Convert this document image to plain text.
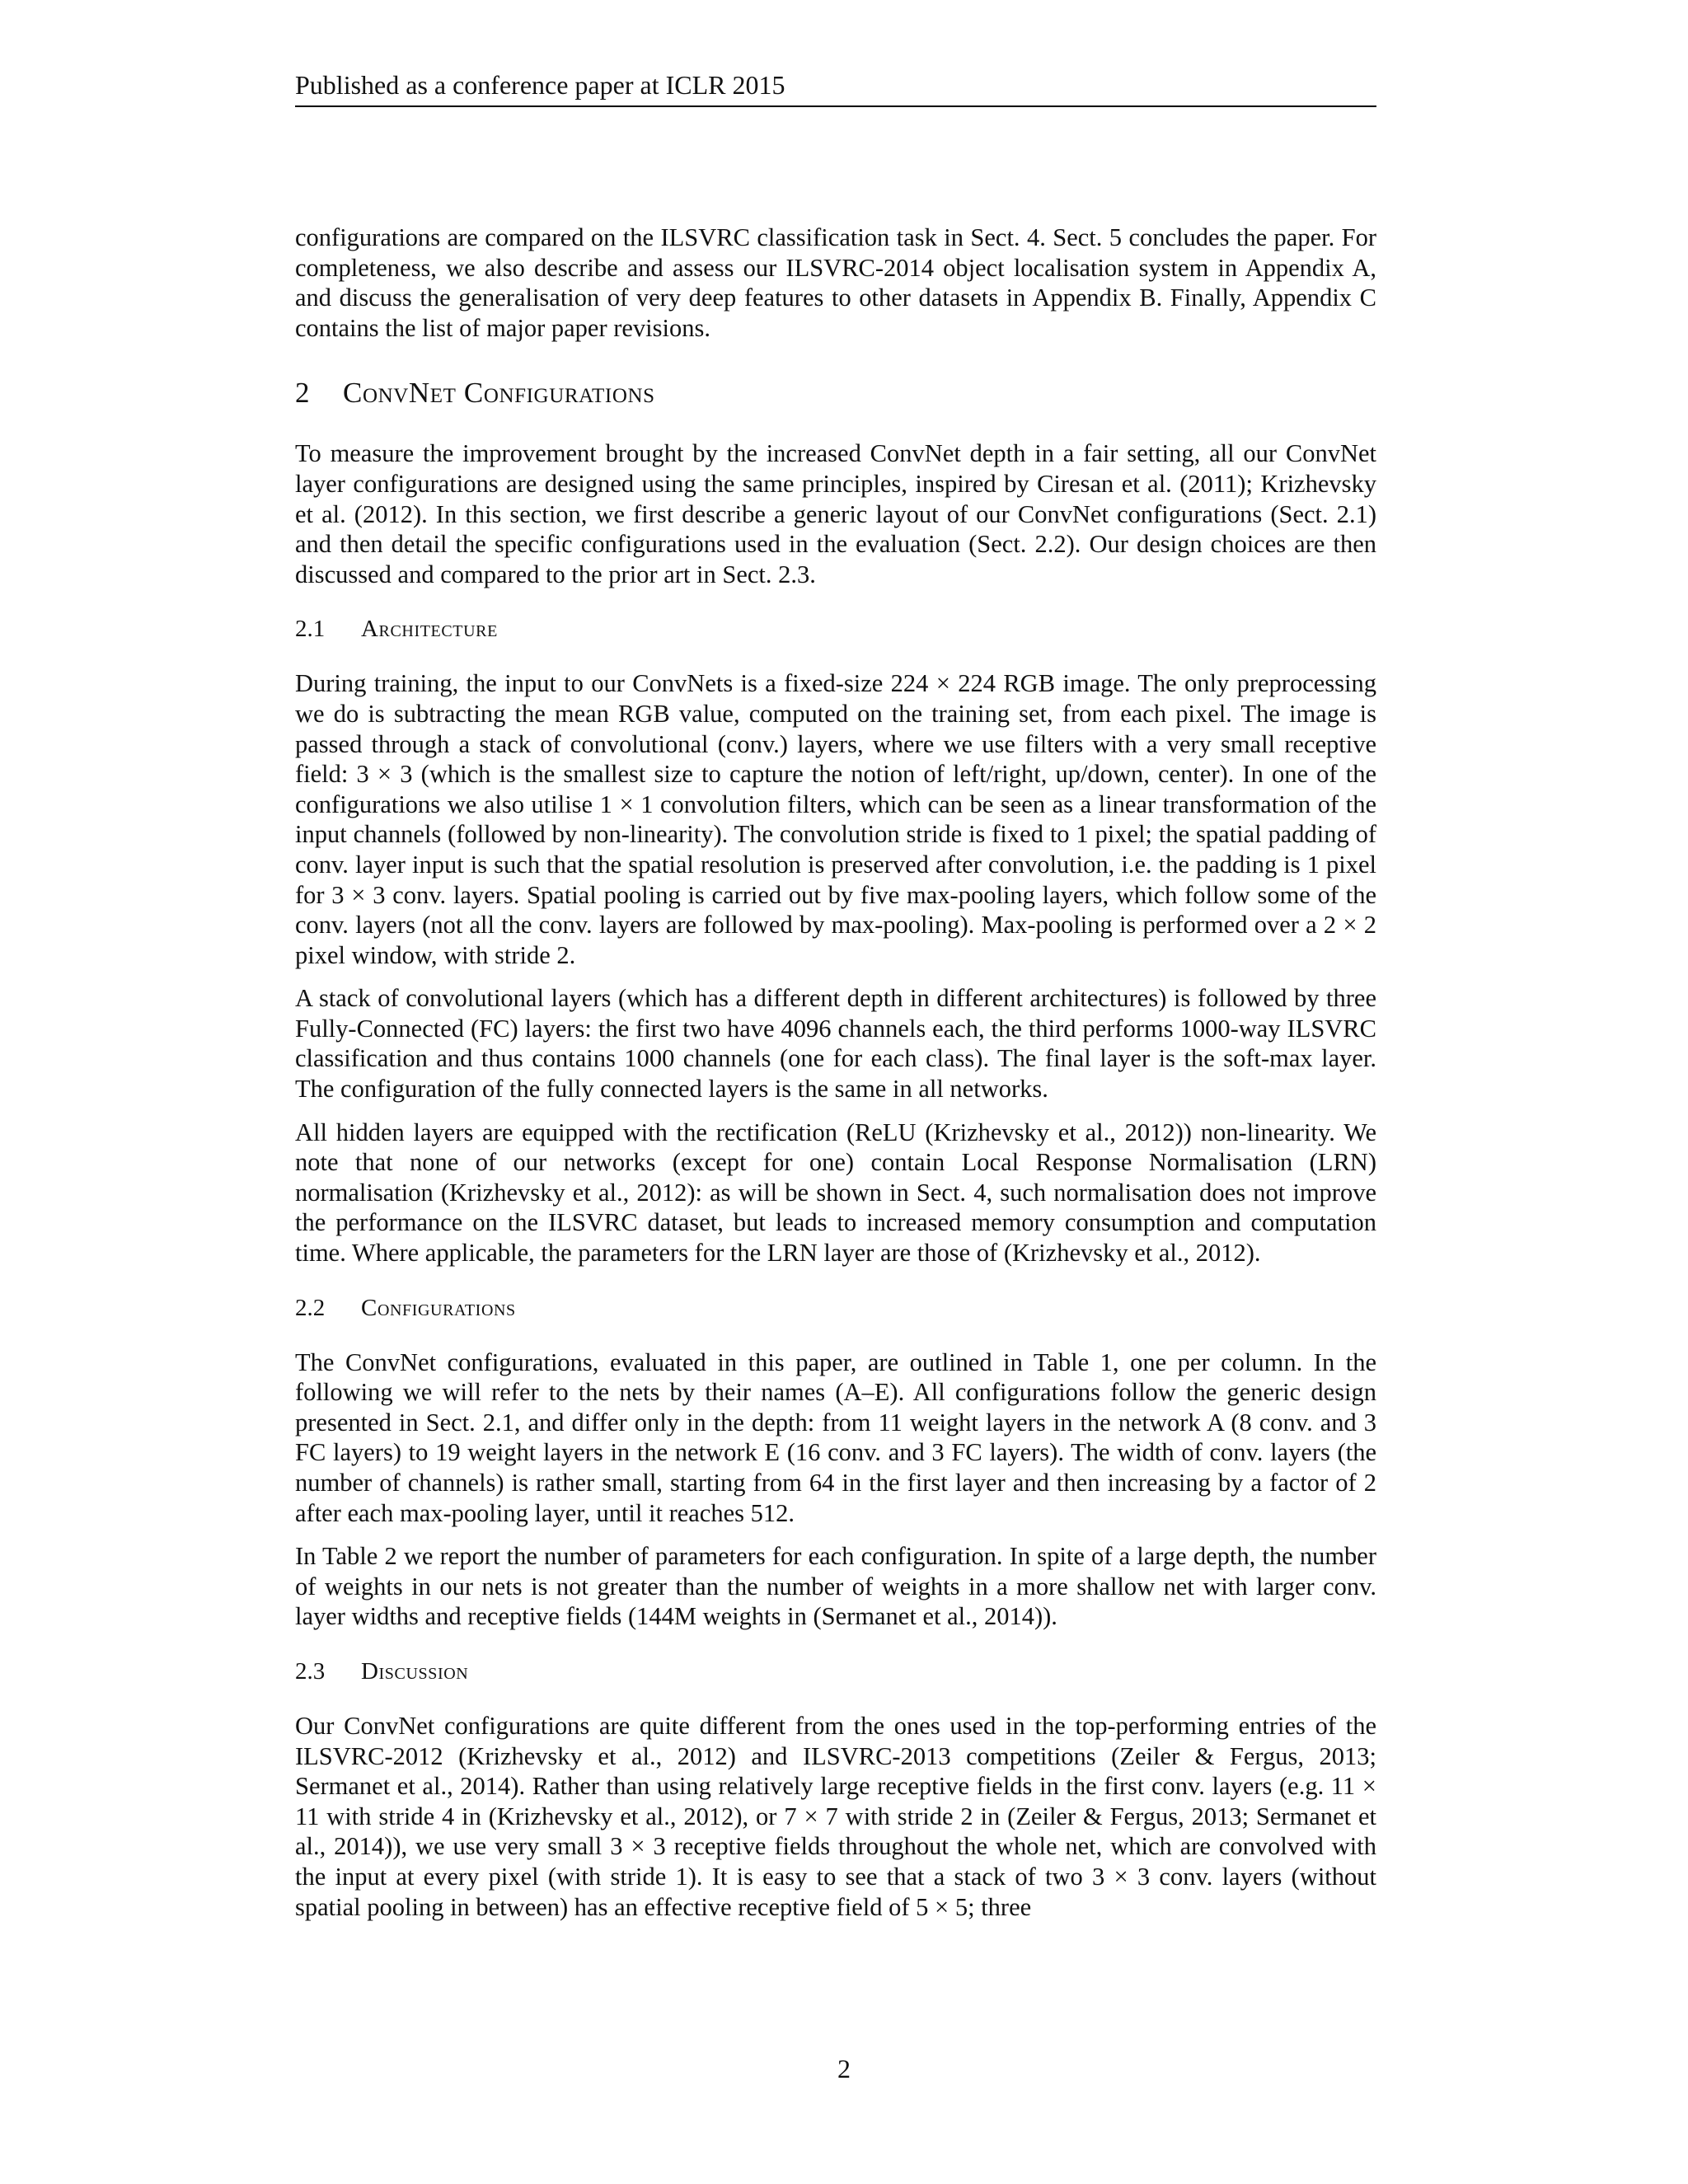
Published as a conference paper at ICLR 2015

configurations are compared on the ILSVRC classification task in Sect. 4. Sect. 5 concludes the paper. For completeness, we also describe and assess our ILSVRC-2014 object localisation system in Appendix A, and discuss the generalisation of very deep features to other datasets in Appendix B. Finally, Appendix C contains the list of major paper revisions.

2 ConvNet Configurations

To measure the improvement brought by the increased ConvNet depth in a fair setting, all our ConvNet layer configurations are designed using the same principles, inspired by Ciresan et al. (2011); Krizhevsky et al. (2012). In this section, we first describe a generic layout of our ConvNet configurations (Sect. 2.1) and then detail the specific configurations used in the evaluation (Sect. 2.2). Our design choices are then discussed and compared to the prior art in Sect. 2.3.

2.1 Architecture

During training, the input to our ConvNets is a fixed-size 224 × 224 RGB image. The only preprocessing we do is subtracting the mean RGB value, computed on the training set, from each pixel. The image is passed through a stack of convolutional (conv.) layers, where we use filters with a very small receptive field: 3 × 3 (which is the smallest size to capture the notion of left/right, up/down, center). In one of the configurations we also utilise 1 × 1 convolution filters, which can be seen as a linear transformation of the input channels (followed by non-linearity). The convolution stride is fixed to 1 pixel; the spatial padding of conv. layer input is such that the spatial resolution is preserved after convolution, i.e. the padding is 1 pixel for 3 × 3 conv. layers. Spatial pooling is carried out by five max-pooling layers, which follow some of the conv. layers (not all the conv. layers are followed by max-pooling). Max-pooling is performed over a 2 × 2 pixel window, with stride 2.

A stack of convolutional layers (which has a different depth in different architectures) is followed by three Fully-Connected (FC) layers: the first two have 4096 channels each, the third performs 1000-way ILSVRC classification and thus contains 1000 channels (one for each class). The final layer is the soft-max layer. The configuration of the fully connected layers is the same in all networks.

All hidden layers are equipped with the rectification (ReLU (Krizhevsky et al., 2012)) non-linearity. We note that none of our networks (except for one) contain Local Response Normalisation (LRN) normalisation (Krizhevsky et al., 2012): as will be shown in Sect. 4, such normalisation does not improve the performance on the ILSVRC dataset, but leads to increased memory consumption and computation time. Where applicable, the parameters for the LRN layer are those of (Krizhevsky et al., 2012).

2.2 Configurations

The ConvNet configurations, evaluated in this paper, are outlined in Table 1, one per column. In the following we will refer to the nets by their names (A–E). All configurations follow the generic design presented in Sect. 2.1, and differ only in the depth: from 11 weight layers in the network A (8 conv. and 3 FC layers) to 19 weight layers in the network E (16 conv. and 3 FC layers). The width of conv. layers (the number of channels) is rather small, starting from 64 in the first layer and then increasing by a factor of 2 after each max-pooling layer, until it reaches 512.

In Table 2 we report the number of parameters for each configuration. In spite of a large depth, the number of weights in our nets is not greater than the number of weights in a more shallow net with larger conv. layer widths and receptive fields (144M weights in (Sermanet et al., 2014)).

2.3 Discussion

Our ConvNet configurations are quite different from the ones used in the top-performing entries of the ILSVRC-2012 (Krizhevsky et al., 2012) and ILSVRC-2013 competitions (Zeiler & Fergus, 2013; Sermanet et al., 2014). Rather than using relatively large receptive fields in the first conv. layers (e.g. 11 × 11 with stride 4 in (Krizhevsky et al., 2012), or 7 × 7 with stride 2 in (Zeiler & Fergus, 2013; Sermanet et al., 2014)), we use very small 3 × 3 receptive fields throughout the whole net, which are convolved with the input at every pixel (with stride 1). It is easy to see that a stack of two 3 × 3 conv. layers (without spatial pooling in between) has an effective receptive field of 5 × 5; three

2
